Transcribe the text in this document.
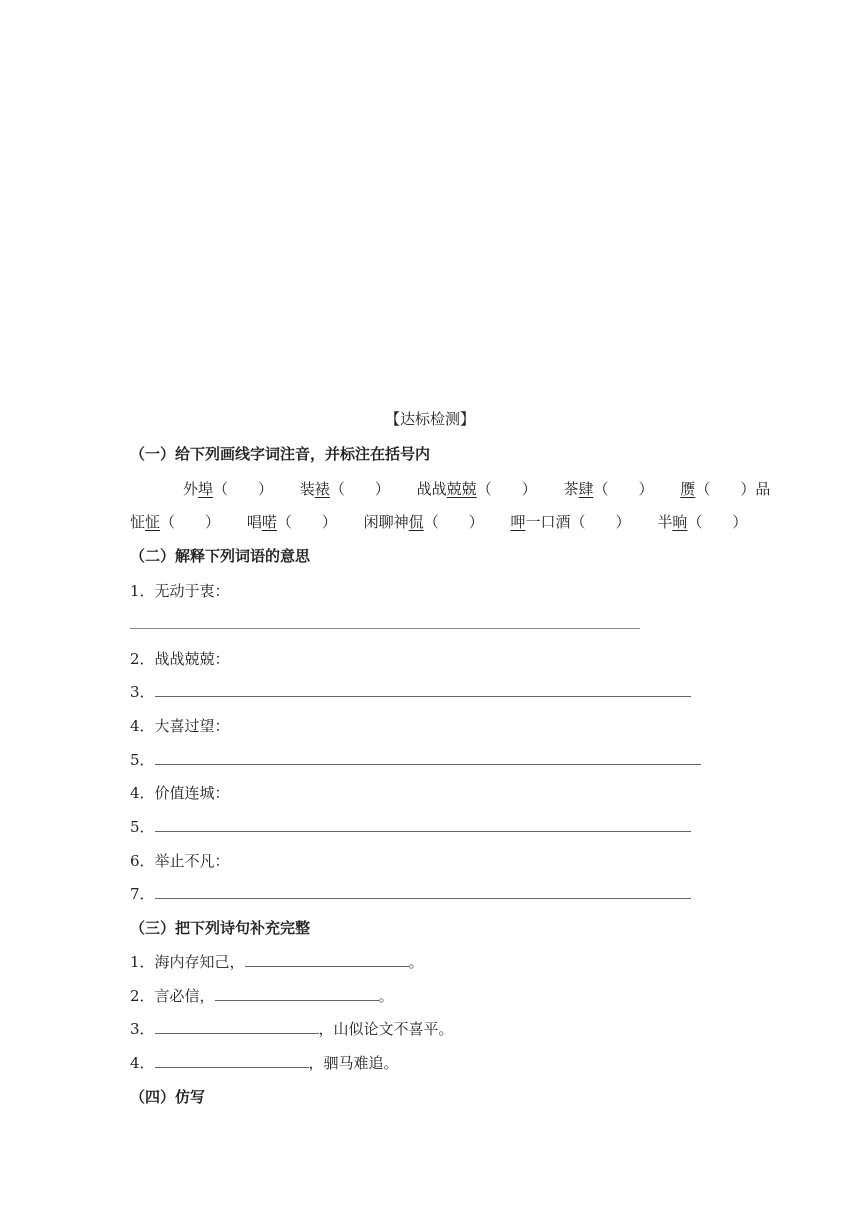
【达标检测】
（一）给下列画线字词注音，并标注在括号内
外埠（　　） 装裱（　　） 战战兢兢（　　） 茶肆（　　） 赝（　　）品
怔怔（　　） 唱喏（　　） 闲聊神侃（　　） 呷一口酒（　　） 半晌（　　）
（二）解释下列词语的意思
1．无动于衷：
2．战战兢兢：
3．
4．大喜过望：
5．
4．价值连城：
5．
6．举止不凡：
7．
（三）把下列诗句补充完整
1．海内存知己，	。
2．言必信，	。
3．	，山似论文不喜平。
4．	，驷马难追。
（四）仿写
